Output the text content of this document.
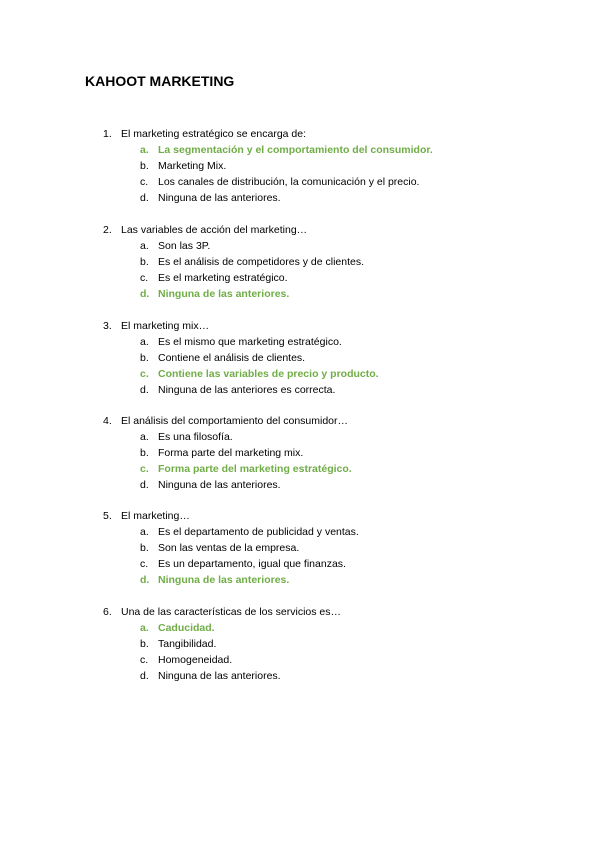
KAHOOT MARKETING
1. El marketing estratégico se encarga de:
a. La segmentación y el comportamiento del consumidor.
b. Marketing Mix.
c. Los canales de distribución, la comunicación y el precio.
d. Ninguna de las anteriores.
2. Las variables de acción del marketing…
a. Son las 3P.
b. Es el análisis de competidores y de clientes.
c. Es el marketing estratégico.
d. Ninguna de las anteriores.
3. El marketing mix…
a. Es el mismo que marketing estratégico.
b. Contiene el análisis de clientes.
c. Contiene las variables de precio y producto.
d. Ninguna de las anteriores es correcta.
4. El análisis del comportamiento del consumidor…
a. Es una filosofía.
b. Forma parte del marketing mix.
c. Forma parte del marketing estratégico.
d. Ninguna de las anteriores.
5. El marketing…
a. Es el departamento de publicidad y ventas.
b. Son las ventas de la empresa.
c. Es un departamento, igual que finanzas.
d. Ninguna de las anteriores.
6. Una de las características de los servicios es…
a. Caducidad.
b. Tangibilidad.
c. Homogeneidad.
d. Ninguna de las anteriores.
